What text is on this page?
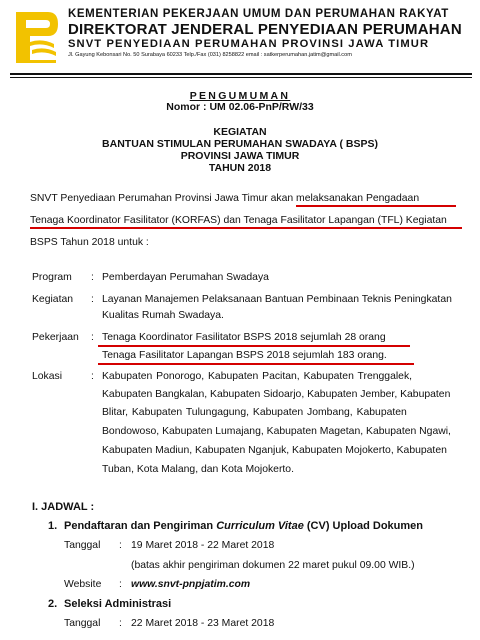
KEMENTERIAN PEKERJAAN UMUM DAN PERUMAHAN RAKYAT
DIREKTORAT JENDERAL PENYEDIAAN PERUMAHAN
SNVT PENYEDIAAN PERUMAHAN PROVINSI JAWA TIMUR
Jl. Gayung Kebonsari No. 50 Surabaya 60233 Telp./Fax (031) 8258822 email : satkerperumahan.jatim@gmail.com
PENGUMUMAN
Nomor : UM 02.06-PnP/RW/33
KEGIATAN
BANTUAN STIMULAN PERUMAHAN SWADAYA ( BSPS)
PROVINSI JAWA TIMUR
TAHUN 2018
SNVT Penyediaan Perumahan Provinsi Jawa Timur akan melaksanakan Pengadaan
Tenaga Koordinator Fasilitator (KORFAS) dan Tenaga Fasilitator Lapangan (TFL) Kegiatan
BSPS Tahun 2018 untuk :
Program : Pemberdayan Perumahan Swadaya
Kegiatan : Layanan Manajemen Pelaksanaan Bantuan Pembinaan Teknis Peningkatan
Kualitas Rumah Swadaya.
Pekerjaan : Tenaga Koordinator Fasilitator BSPS 2018 sejumlah 28 orang
Tenaga Fasilitator Lapangan BSPS 2018 sejumlah 183 orang.
Lokasi	: Kabupaten Ponorogo, Kabupaten Pacitan, Kabupaten Trenggalek,
Kabupaten Bangkalan, Kabupaten Sidoarjo, Kabupaten Jember, Kabupaten
Blitar, Kabupaten Tulungagung, Kabupaten Jombang, Kabupaten
Bondowoso, Kabupaten Lumajang, Kabupaten Magetan, Kabupaten Ngawi,
Kabupaten Madiun, Kabupaten Nganjuk, Kabupaten Mojokerto, Kabupaten
Tuban, Kota Malang, dan Kota Mojokerto.
I. JADWAL :
1. Pendaftaran dan Pengiriman Curriculum Vitae (CV) Upload Dokumen
Tanggal : 19 Maret 2018 - 22 Maret 2018
(batas akhir pengiriman dokumen 22 maret pukul 09.00 WIB.)
Website : www.snvt-pnpjatim.com
2. Seleksi Administrasi
Tanggal : 22 Maret 2018 - 23 Maret 2018
